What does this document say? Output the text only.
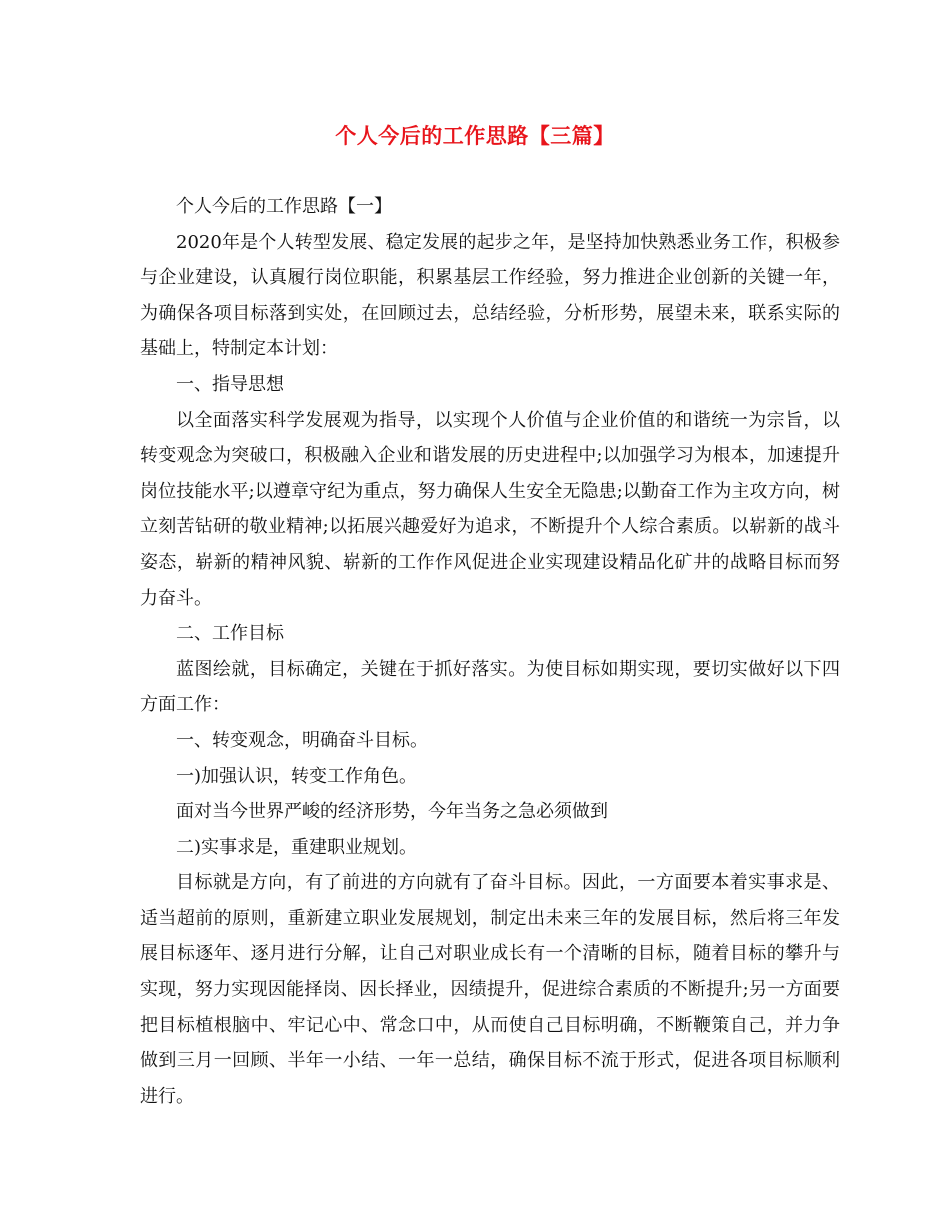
个人今后的工作思路【三篇】

个人今后的工作思路【一】

2020年是个人转型发展、稳定发展的起步之年，是坚持加快熟悉业务工作，积极参与企业建设，认真履行岗位职能，积累基层工作经验，努力推进企业创新的关键一年，为确保各项目标落到实处，在回顾过去，总结经验，分析形势，展望未来，联系实际的基础上，特制定本计划：

一、指导思想

以全面落实科学发展观为指导，以实现个人价值与企业价值的和谐统一为宗旨，以转变观念为突破口，积极融入企业和谐发展的历史进程中;以加强学习为根本，加速提升岗位技能水平;以遵章守纪为重点，努力确保人生安全无隐患;以勤奋工作为主攻方向，树立刻苦钻研的敬业精神;以拓展兴趣爱好为追求，不断提升个人综合素质。以崭新的战斗姿态，崭新的精神风貌、崭新的工作作风促进企业实现建设精品化矿井的战略目标而努力奋斗。

二、工作目标

蓝图绘就，目标确定，关键在于抓好落实。为使目标如期实现，要切实做好以下四方面工作：

一、转变观念，明确奋斗目标。

一)加强认识，转变工作角色。

面对当今世界严峻的经济形势，今年当务之急必须做到

二)实事求是，重建职业规划。

目标就是方向，有了前进的方向就有了奋斗目标。因此，一方面要本着实事求是、适当超前的原则，重新建立职业发展规划，制定出未来三年的发展目标，然后将三年发展目标逐年、逐月进行分解，让自己对职业成长有一个清晰的目标，随着目标的攀升与实现，努力实现因能择岗、因长择业，因绩提升，促进综合素质的不断提升;另一方面要把目标植根脑中、牢记心中、常念口中，从而使自己目标明确，不断鞭策自己，并力争做到三月一回顾、半年一小结、一年一总结，确保目标不流于形式，促进各项目标顺利进行。
